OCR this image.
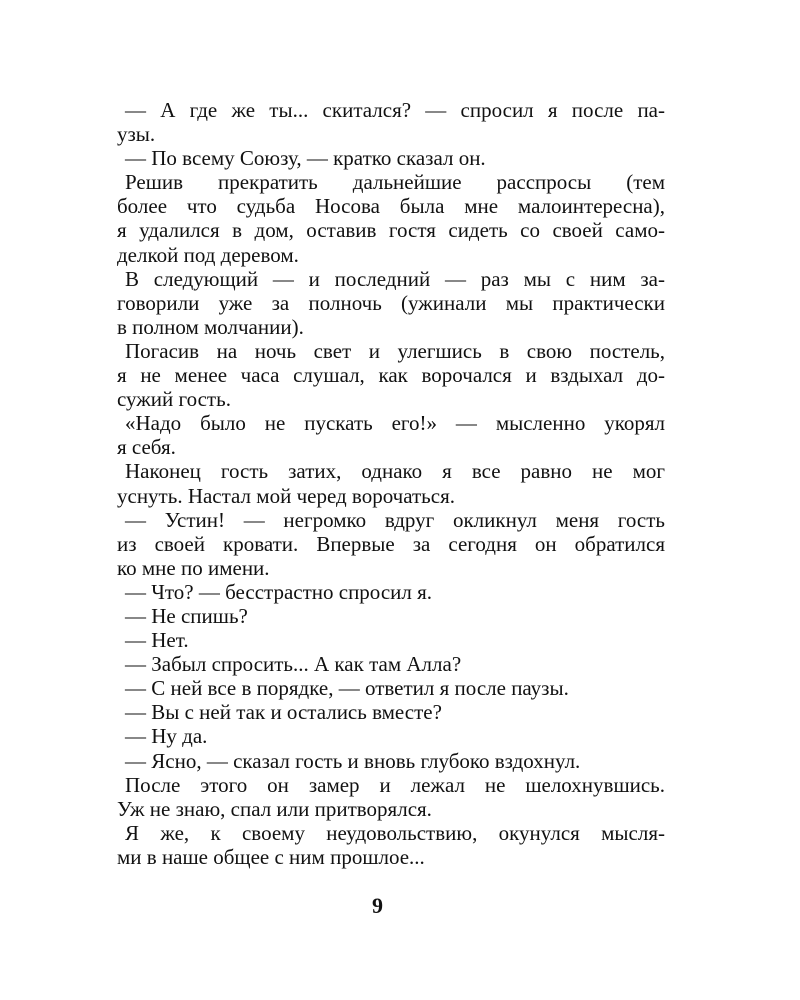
— А где же ты... скитался? — спросил я после па-
узы.
— По всему Союзу, — кратко сказал он.
Решив прекратить дальнейшие расспросы (тем
более что судьба Носова была мне малоинтересна),
я удалился в дом, оставив гостя сидеть со своей само-
делкой под деревом.
В следующий — и последний — раз мы с ним за-
говорили уже за полночь (ужинали мы практически
в полном молчании).
Погасив на ночь свет и улегшись в свою постель,
я не менее часа слушал, как ворочался и вздыхал до-
сужий гость.
«Надо было не пускать его!» — мысленно укорял
я себя.
Наконец гость затих, однако я все равно не мог
уснуть. Настал мой черед ворочаться.
— Устин! — негромко вдруг окликнул меня гость
из своей кровати. Впервые за сегодня он обратился
ко мне по имени.
— Что? — бесстрастно спросил я.
— Не спишь?
— Нет.
— Забыл спросить... А как там Алла?
— С ней все в порядке, — ответил я после паузы.
— Вы с ней так и остались вместе?
— Ну да.
— Ясно, — сказал гость и вновь глубоко вздохнул.
После этого он замер и лежал не шелохнувшись.
Уж не знаю, спал или притворялся.
Я же, к своему неудовольствию, окунулся мысля-
ми в наше общее с ним прошлое...
9
